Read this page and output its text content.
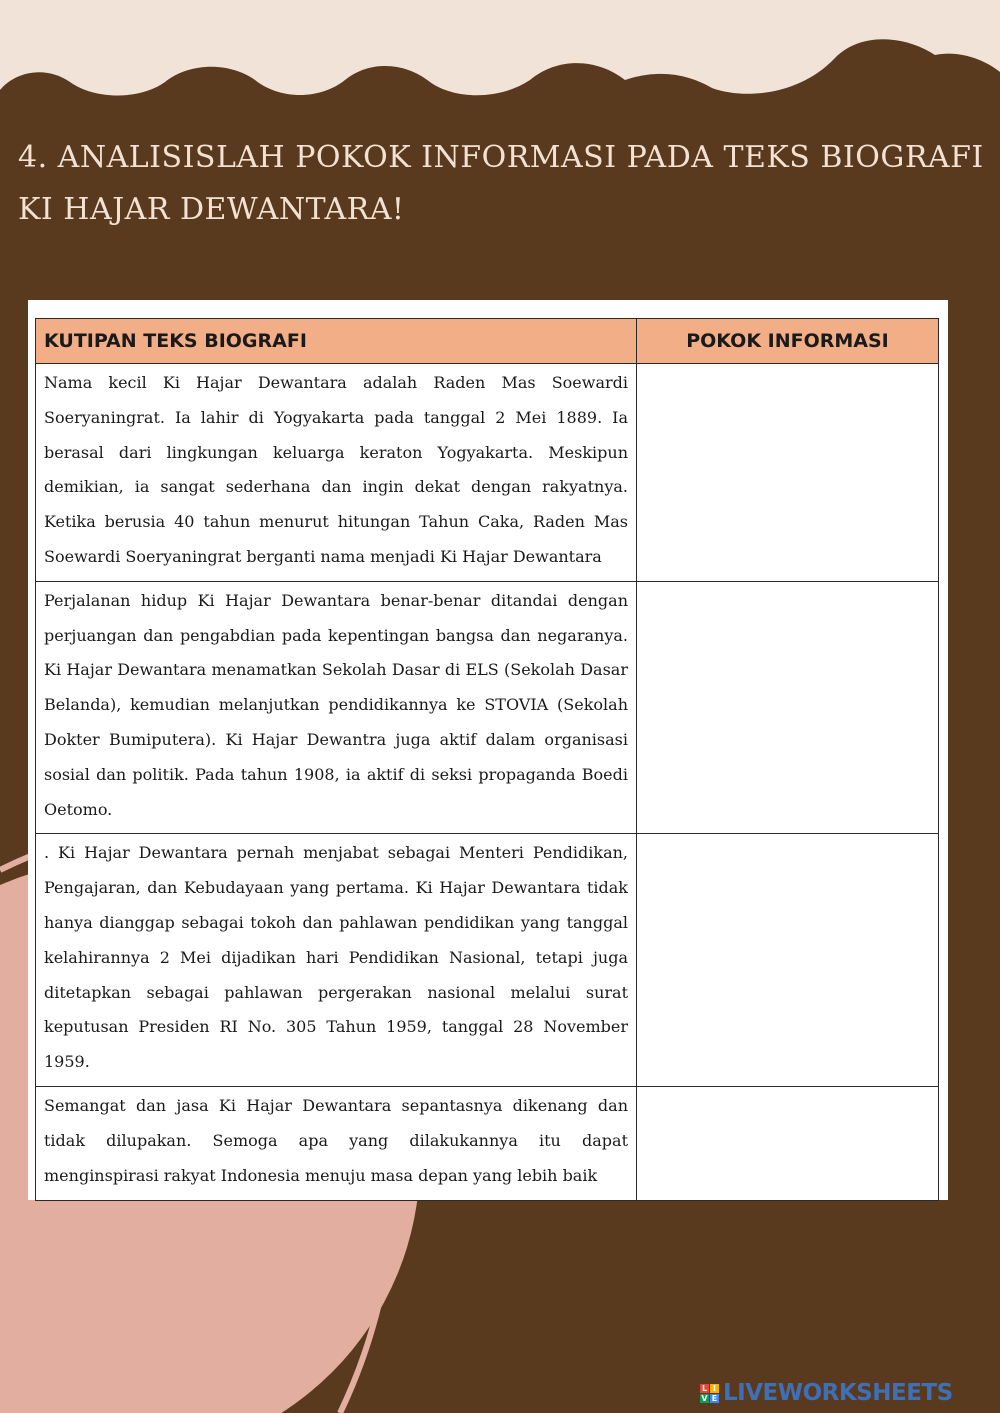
4. ANALISISLAH POKOK INFORMASI PADA TEKS BIOGRAFI
KI HAJAR DEWANTARA!
KUTIPAN TEKS BIOGRAFI	POKOK INFORMASI
Nama kecil Ki Hajar Dewantara adalah Raden Mas Soewardi Soeryaningrat. Ia lahir di Yogyakarta pada tanggal 2 Mei 1889. Ia berasal dari lingkungan keluarga keraton Yogyakarta. Meskipun demikian, ia sangat sederhana dan ingin dekat dengan rakyatnya. Ketika berusia 40 tahun menurut hitungan Tahun Caka, Raden Mas Soewardi Soeryaningrat berganti nama menjadi Ki Hajar Dewantara	
Perjalanan hidup Ki Hajar Dewantara benar-benar ditandai dengan perjuangan dan pengabdian pada kepentingan bangsa dan negaranya. Ki Hajar Dewantara menamatkan Sekolah Dasar di ELS (Sekolah Dasar Belanda), kemudian melanjutkan pendidikannya ke STOVIA (Sekolah Dokter Bumiputera). Ki Hajar Dewantra juga aktif dalam organisasi sosial dan politik. Pada tahun 1908, ia aktif di seksi propaganda Boedi Oetomo.	
. Ki Hajar Dewantara pernah menjabat sebagai Menteri Pendidikan, Pengajaran, dan Kebudayaan yang pertama. Ki Hajar Dewantara tidak hanya dianggap sebagai tokoh dan pahlawan pendidikan yang tanggal kelahirannya 2 Mei dijadikan hari Pendidikan Nasional, tetapi juga ditetapkan sebagai pahlawan pergerakan nasional melalui surat keputusan Presiden RI No. 305 Tahun 1959, tanggal 28 November 1959.	
Semangat dan jasa Ki Hajar Dewantara sepantasnya dikenang dan tidak dilupakan. Semoga apa yang dilakukannya itu dapat menginspirasi rakyat Indonesia menuju masa depan yang lebih baik	
L I
V E LIVEWORKSHEETS
